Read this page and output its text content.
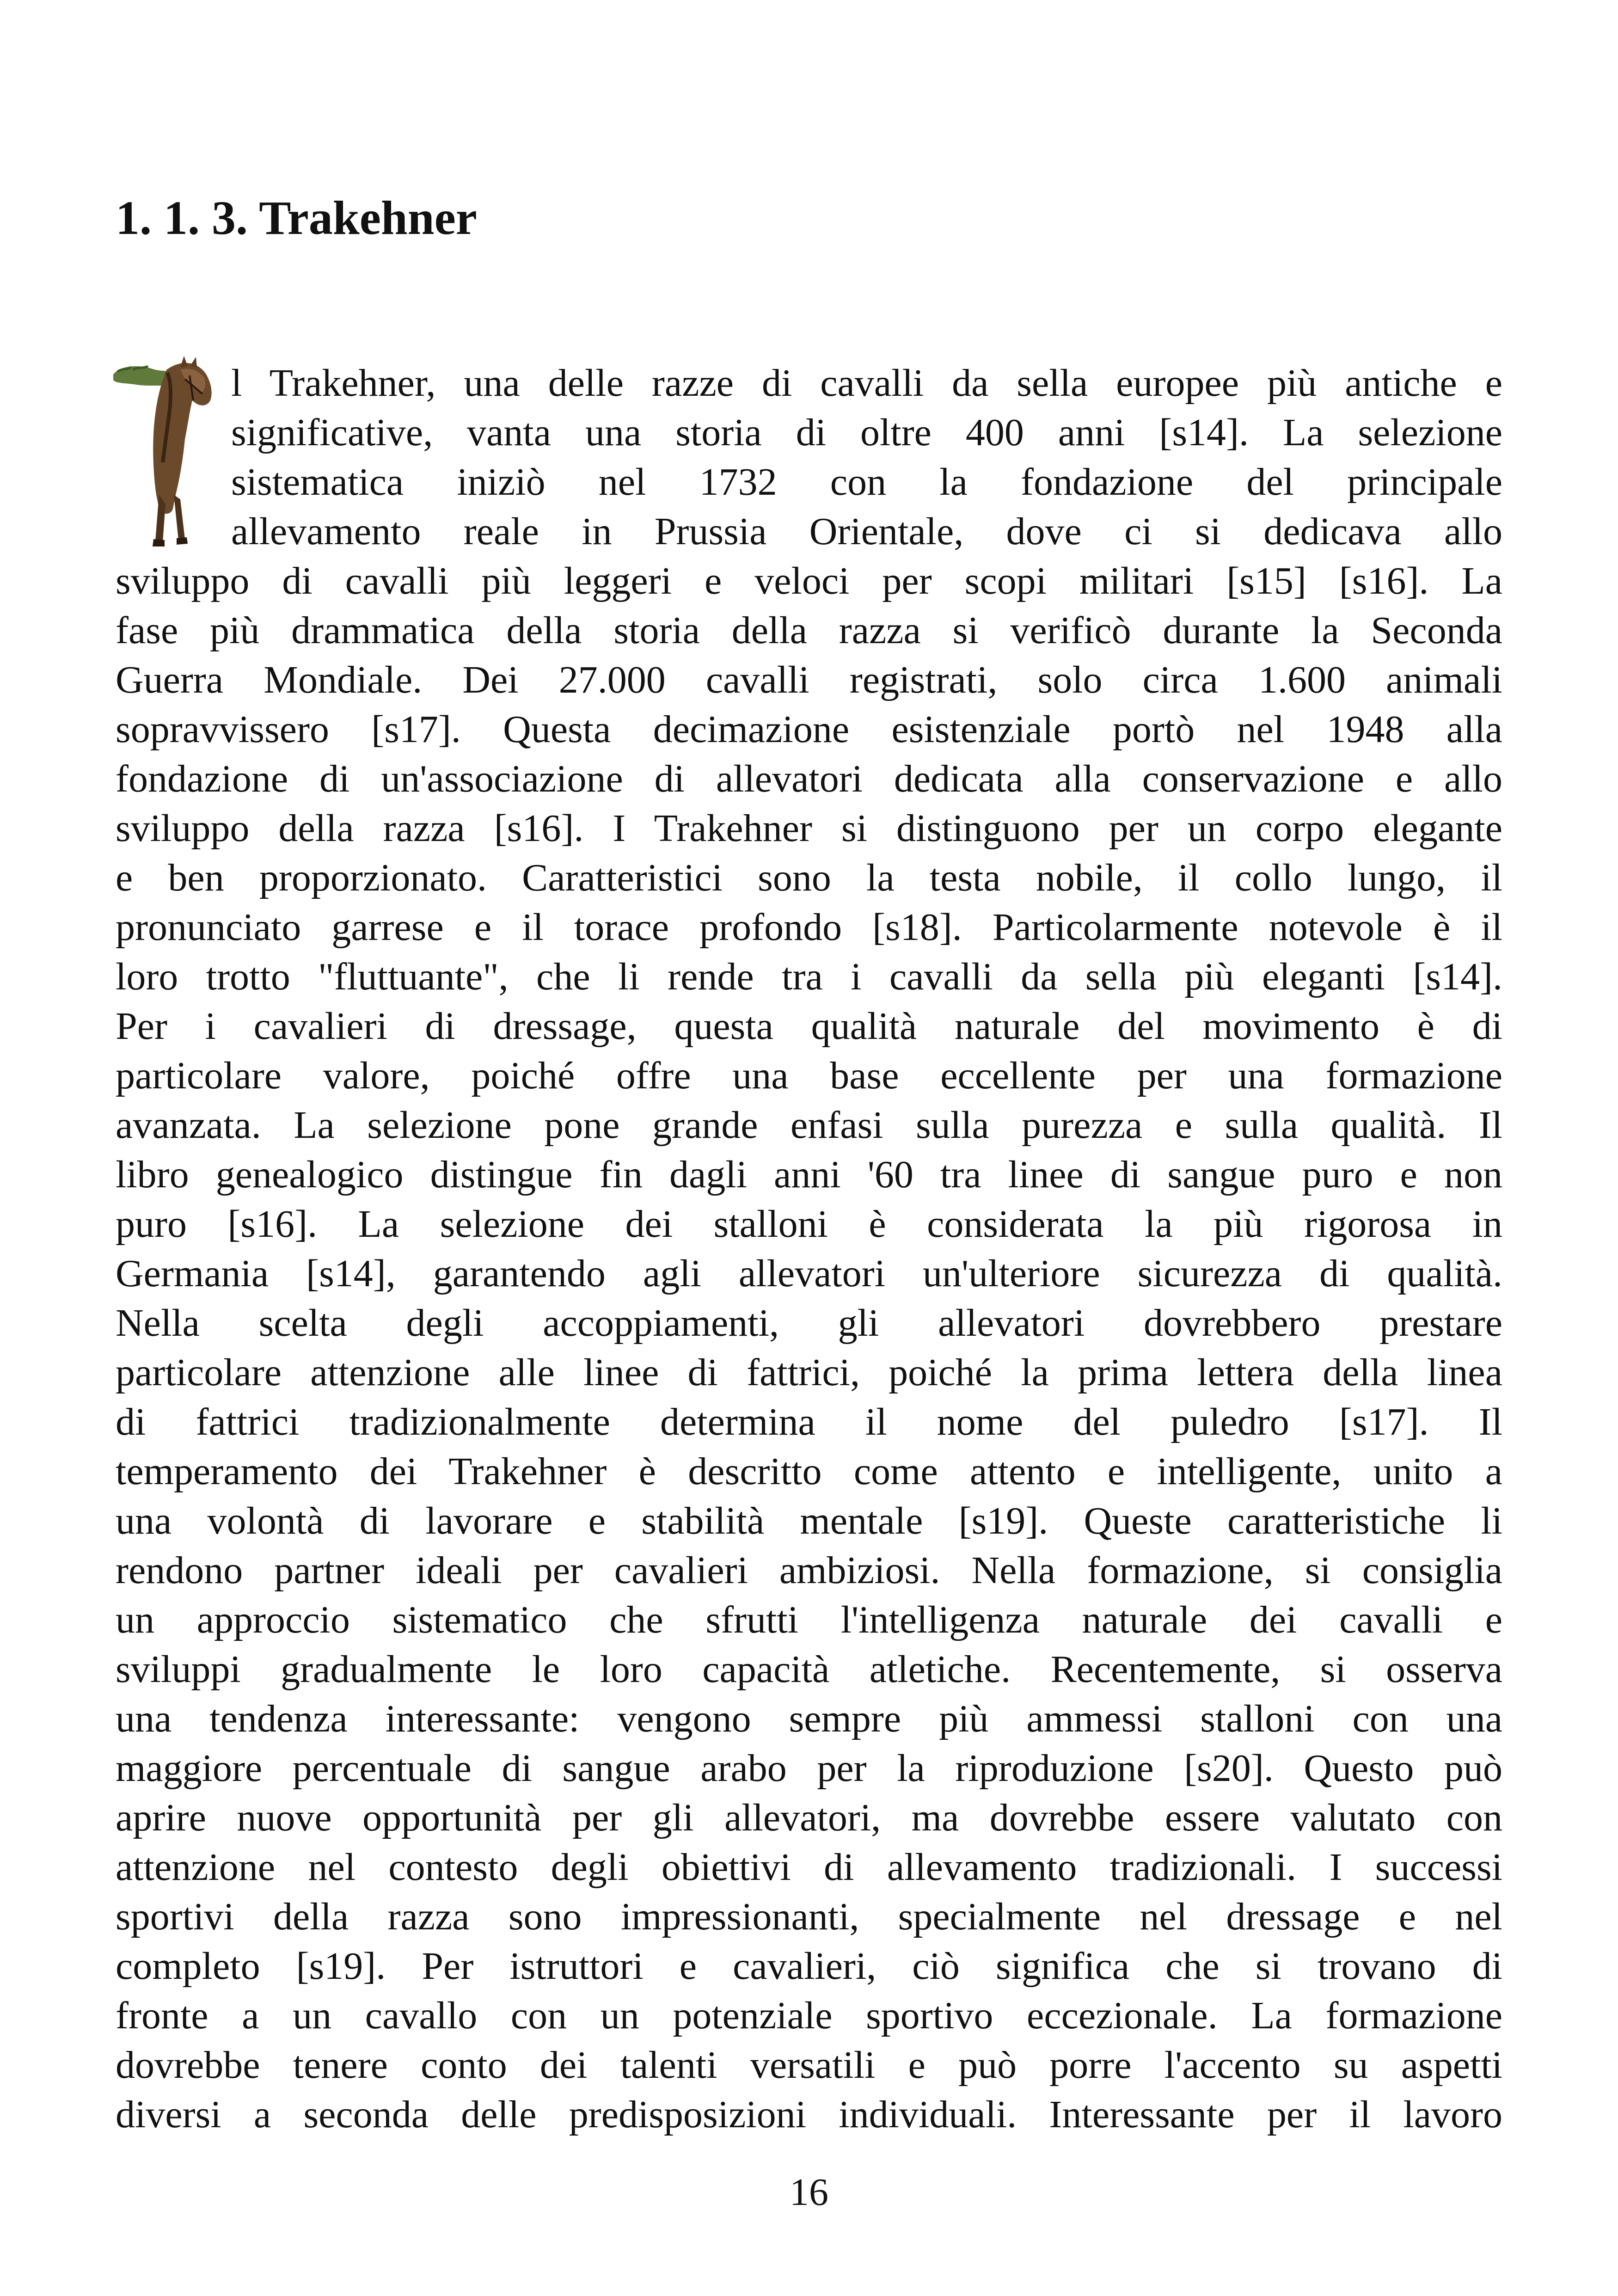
1. 1. 3. Trakehner
l Trakehner, una delle razze di cavalli da sella europee più antiche e
significative, vanta una storia di oltre 400 anni [s14]. La selezione
sistematica iniziò nel 1732 con la fondazione del principale
allevamento reale in Prussia Orientale, dove ci si dedicava allo
sviluppo di cavalli più leggeri e veloci per scopi militari [s15] [s16]. La
fase più drammatica della storia della razza si verificò durante la Seconda
Guerra Mondiale. Dei 27.000 cavalli registrati, solo circa 1.600 animali
sopravvissero [s17]. Questa decimazione esistenziale portò nel 1948 alla
fondazione di un'associazione di allevatori dedicata alla conservazione e allo
sviluppo della razza [s16]. I Trakehner si distinguono per un corpo elegante
e ben proporzionato. Caratteristici sono la testa nobile, il collo lungo, il
pronunciato garrese e il torace profondo [s18]. Particolarmente notevole è il
loro trotto "fluttuante", che li rende tra i cavalli da sella più eleganti [s14].
Per i cavalieri di dressage, questa qualità naturale del movimento è di
particolare valore, poiché offre una base eccellente per una formazione
avanzata. La selezione pone grande enfasi sulla purezza e sulla qualità. Il
libro genealogico distingue fin dagli anni '60 tra linee di sangue puro e non
puro [s16]. La selezione dei stalloni è considerata la più rigorosa in
Germania [s14], garantendo agli allevatori un'ulteriore sicurezza di qualità.
Nella scelta degli accoppiamenti, gli allevatori dovrebbero prestare
particolare attenzione alle linee di fattrici, poiché la prima lettera della linea
di fattrici tradizionalmente determina il nome del puledro [s17]. Il
temperamento dei Trakehner è descritto come attento e intelligente, unito a
una volontà di lavorare e stabilità mentale [s19]. Queste caratteristiche li
rendono partner ideali per cavalieri ambiziosi. Nella formazione, si consiglia
un approccio sistematico che sfrutti l'intelligenza naturale dei cavalli e
sviluppi gradualmente le loro capacità atletiche. Recentemente, si osserva
una tendenza interessante: vengono sempre più ammessi stalloni con una
maggiore percentuale di sangue arabo per la riproduzione [s20]. Questo può
aprire nuove opportunità per gli allevatori, ma dovrebbe essere valutato con
attenzione nel contesto degli obiettivi di allevamento tradizionali. I successi
sportivi della razza sono impressionanti, specialmente nel dressage e nel
completo [s19]. Per istruttori e cavalieri, ciò significa che si trovano di
fronte a un cavallo con un potenziale sportivo eccezionale. La formazione
dovrebbe tenere conto dei talenti versatili e può porre l'accento su aspetti
diversi a seconda delle predisposizioni individuali. Interessante per il lavoro
16
